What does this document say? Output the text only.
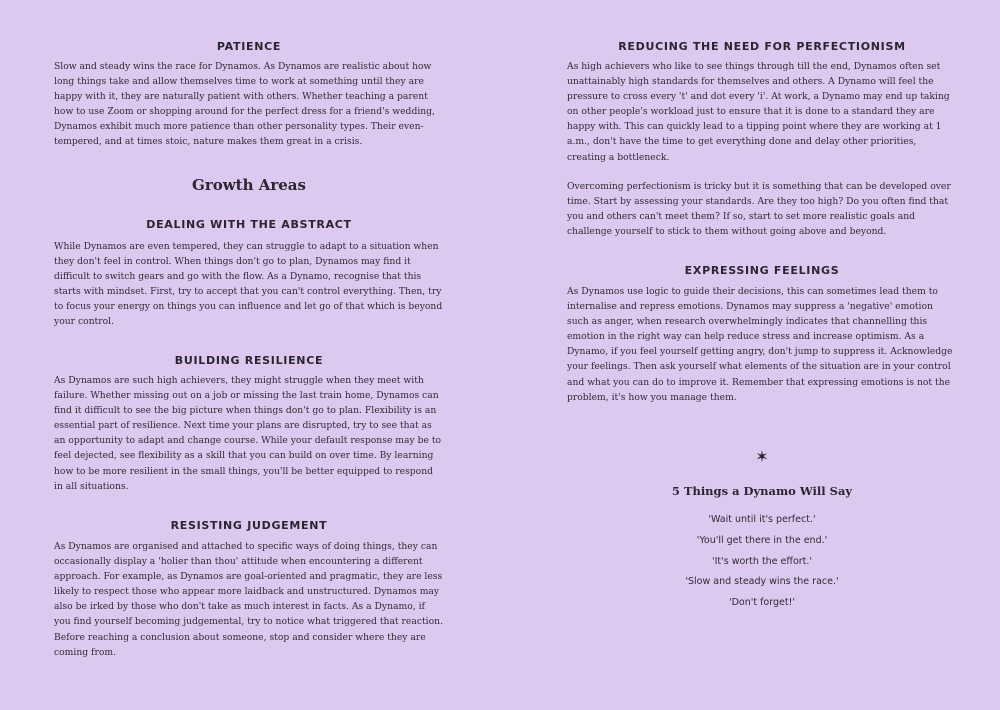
PATIENCE
Slow and steady wins the race for Dynamos. As Dynamos are realistic about how long things take and allow themselves time to work at something until they are happy with it, they are naturally patient with others. Whether teaching a parent how to use Zoom or shopping around for the perfect dress for a friend's wedding, Dynamos exhibit much more patience than other personality types. Their even-tempered, and at times stoic, nature makes them great in a crisis.
Growth Areas
DEALING WITH THE ABSTRACT
While Dynamos are even tempered, they can struggle to adapt to a situation when they don't feel in control. When things don't go to plan, Dynamos may find it difficult to switch gears and go with the flow. As a Dynamo, recognise that this starts with mindset. First, try to accept that you can't control everything. Then, try to focus your energy on things you can influence and let go of that which is beyond your control.
BUILDING RESILIENCE
As Dynamos are such high achievers, they might struggle when they meet with failure. Whether missing out on a job or missing the last train home, Dynamos can find it difficult to see the big picture when things don't go to plan. Flexibility is an essential part of resilience. Next time your plans are disrupted, try to see that as an opportunity to adapt and change course. While your default response may be to feel dejected, see flexibility as a skill that you can build on over time. By learning how to be more resilient in the small things, you'll be better equipped to respond in all situations.
RESISTING JUDGEMENT
As Dynamos are organised and attached to specific ways of doing things, they can occasionally display a 'holier than thou' attitude when encountering a different approach. For example, as Dynamos are goal-oriented and pragmatic, they are less likely to respect those who appear more laidback and unstructured. Dynamos may also be irked by those who don't take as much interest in facts. As a Dynamo, if you find yourself becoming judgemental, try to notice what triggered that reaction. Before reaching a conclusion about someone, stop and consider where they are coming from.
REDUCING THE NEED FOR PERFECTIONISM
As high achievers who like to see things through till the end, Dynamos often set unattainably high standards for themselves and others. A Dynamo will feel the pressure to cross every 't' and dot every 'i'. At work, a Dynamo may end up taking on other people's workload just to ensure that it is done to a standard they are happy with. This can quickly lead to a tipping point where they are working at 1 a.m., don't have the time to get everything done and delay other priorities, creating a bottleneck.
Overcoming perfectionism is tricky but it is something that can be developed over time. Start by assessing your standards. Are they too high? Do you often find that you and others can't meet them? If so, start to set more realistic goals and challenge yourself to stick to them without going above and beyond.
EXPRESSING FEELINGS
As Dynamos use logic to guide their decisions, this can sometimes lead them to internalise and repress emotions. Dynamos may suppress a 'negative' emotion such as anger, when research overwhelmingly indicates that channelling this emotion in the right way can help reduce stress and increase optimism. As a Dynamo, if you feel yourself getting angry, don't jump to suppress it. Acknowledge your feelings. Then ask yourself what elements of the situation are in your control and what you can do to improve it. Remember that expressing emotions is not the problem, it's how you manage them.
✶
5 Things a Dynamo Will Say
'Wait until it's perfect.'
'You'll get there in the end.'
'It's worth the effort.'
'Slow and steady wins the race.'
'Don't forget!'
